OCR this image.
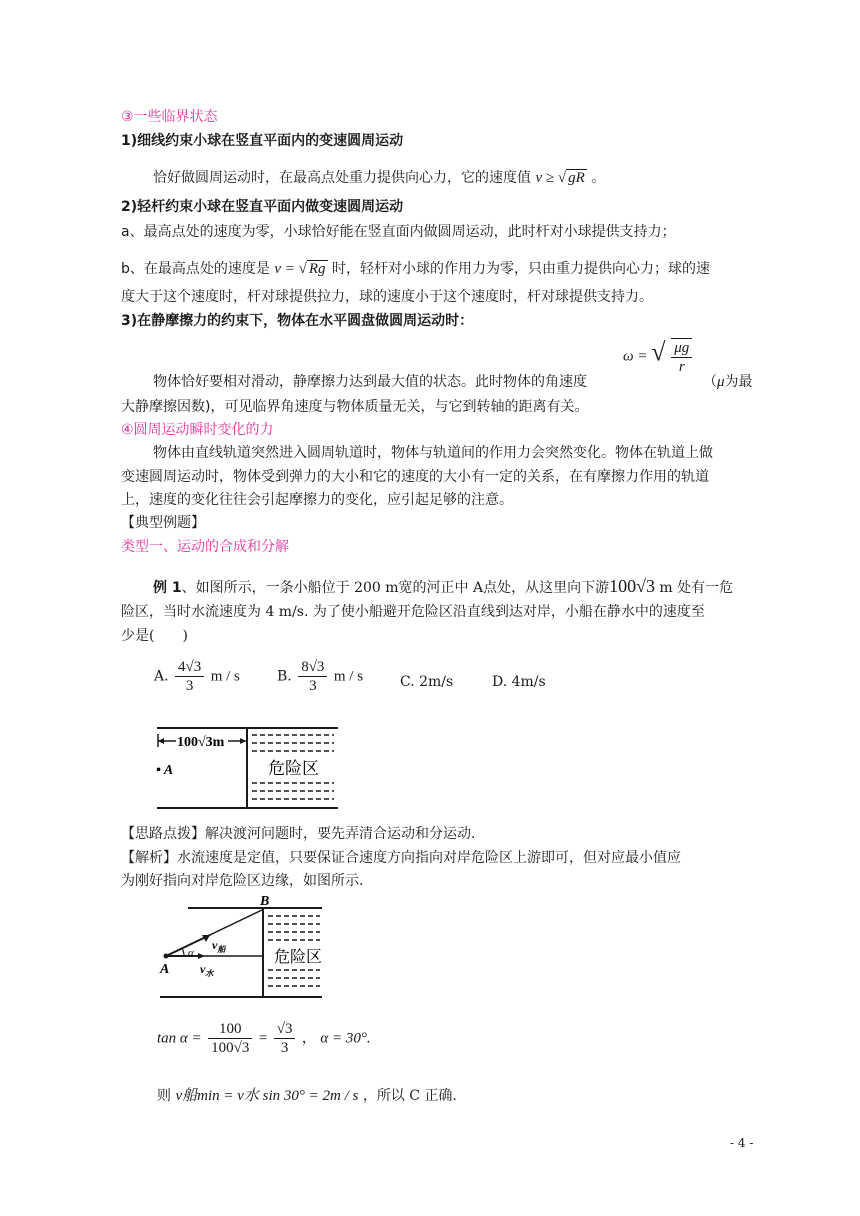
③一些临界状态
1)细线约束小球在竖直平面内的变速圆周运动
恰好做圆周运动时，在最高点处重力提供向心力，它的速度值 v ≥ √ gR 。
2)轻杆约束小球在竖直平面内做变速圆周运动
a、最高点处的速度为零，小球恰好能在竖直面内做圆周运动，此时杆对小球提供支持力；
b、在最高点处的速度是 v = √ Rg 时，轻杆对小球的作用力为零，只由重力提供向心力；球的速
度大于这个速度时，杆对球提供拉力，球的速度小于这个速度时，杆对球提供支持力。
3)在静摩擦力的约束下，物体在水平圆盘做圆周运动时：
物体恰好要相对滑动，静摩擦力达到最大值的状态。此时物体的角速度
ω = √ $\frac{\mu g}{r}$
（μ为最
大静摩擦因数)，可见临界角速度与物体质量无关，与它到转轴的距离有关。
④圆周运动瞬时变化的力
物体由直线轨道突然进入圆周轨道时，物体与轨道间的作用力会突然变化。物体在轨道上做
变速圆周运动时，物体受到弹力的大小和它的速度的大小有一定的关系，在有摩擦力作用的轨道
上，速度的变化往往会引起摩擦力的变化，应引起足够的注意。
【典型例题】
类型一、运动的合成和分解
例 1、如图所示，一条小船位于 200 m宽的河正中 A点处，从这里向下游100√3 m 处有一危
险区，当时水流速度为 4 m/s. 为了使小船避开危险区沿直线到达对岸，小船在静水中的速度至
少是(　　)
A. $\frac{4√3}{3}$ m / s	B. $\frac{8√3}{3}$ m / s	C. 2m/s	D. 4m/s
100√3m
• A	危险区
【思路点拨】解决渡河问题时，要先弄清合运动和分运动.
【解析】水流速度是定值，只要保证合速度方向指向对岸危险区上游即可，但对应最小值应
为刚好指向对岸危险区边缘，如图所示.
B
A
α
$v_船$
$v_水$
危险区
$\tan \alpha = \frac{100}{100√3} = \frac{√3}{3}$ ， α = 30°.
则 v船min = v水 sin 30° = 2m / s ，所以 C 正确.
- 4 -
